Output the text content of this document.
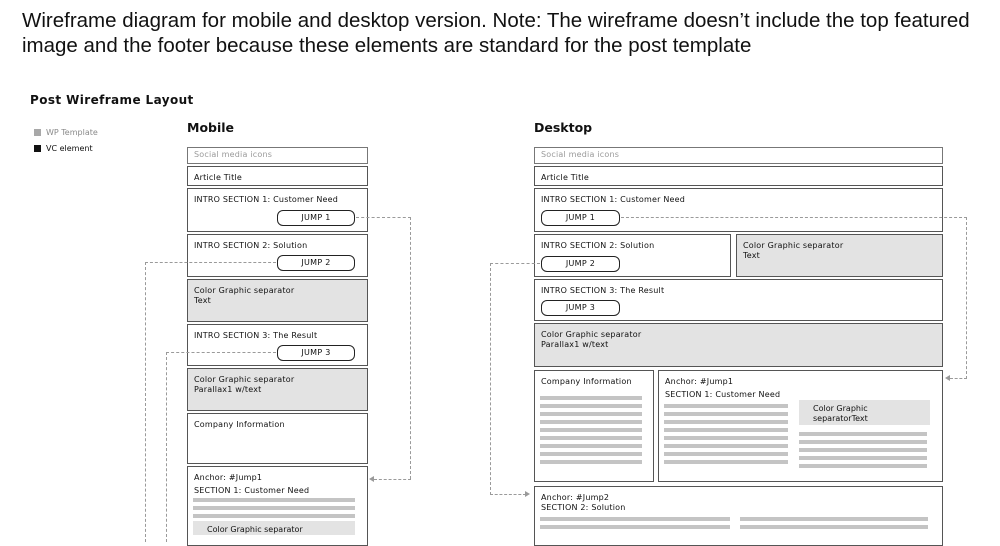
Wireframe diagram for mobile and desktop version. Note: The wireframe doesn’t include the top featured image and the footer because these elements are standard for the post template
Post Wireframe Layout
WP Template
VC element
Mobile
Social media icons
Article Title
INTRO SECTION 1: Customer Need
JUMP 1
INTRO SECTION 2: Solution
JUMP 2
Color Graphic separator
Text
INTRO SECTION 3: The Result
JUMP 3
Color Graphic separator
Parallax1 w/text
Company Information
Anchor: #Jump1
SECTION 1: Customer Need
Color Graphic separator
Desktop
Social media icons
Article Title
INTRO SECTION 1: Customer Need
JUMP 1
INTRO SECTION 2: Solution
JUMP 2
Color Graphic separator
Text
INTRO SECTION 3: The Result
JUMP 3
Color Graphic separator
Parallax1 w/text
Company Information	Anchor: #Jump1
SECTION 1: Customer Need
Color Graphic separatorText
Anchor: #Jump2
SECTION 2: Solution
